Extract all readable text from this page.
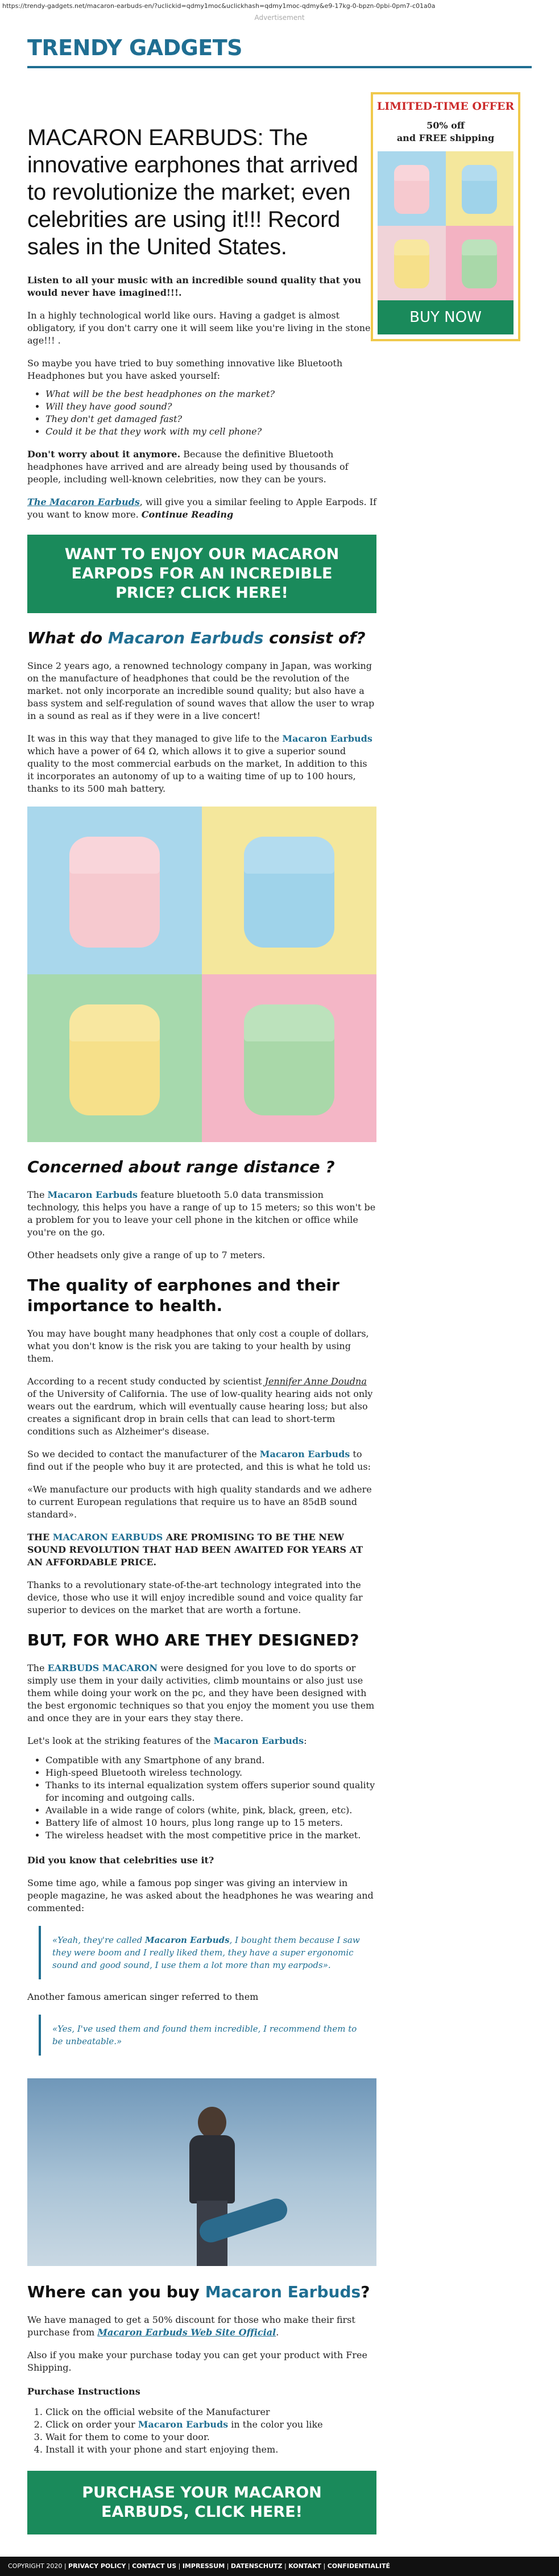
https://trendy-gadgets.net/macaron-earbuds-en/?uclickid=qdmy1moc&uclickhash=qdmy1moc-qdmy&e9-17kg-0-bpzn-0pbi-0pm7-c01a0a
Advertisement
TRENDY GADGETS
LIMITED-TIME OFFER
50% off
and FREE shipping
BUY NOW
MACARON EARBUDS: The innovative earphones that arrived to revolutionize the market; even celebrities are using it!!! Record sales in the United States.

Listen to all your music with an incredible sound quality that you would never have imagined!!!.

In a highly technological world like ours. Having a gadget is almost obligatory, if you don't carry one it will seem like you're living in the stone age!!! .

So maybe you have tried to buy something innovative like Bluetooth Headphones but you have asked yourself:

• What will be the best headphones on the market?
• Will they have good sound?
• They don't get damaged fast?
• Could it be that they work with my cell phone?

Don't worry about it anymore. Because the definitive Bluetooth headphones have arrived and are already being used by thousands of people, including well-known celebrities, now they can be yours.

The Macaron Earbuds, will give you a similar feeling to Apple Earpods. If you want to know more. Continue Reading

WANT TO ENJOY OUR MACARON EARPODS FOR AN INCREDIBLE PRICE? CLICK HERE!
What do Macaron Earbuds consist of?

Since 2 years ago, a renowned technology company in Japan, was working on the manufacture of headphones that could be the revolution of the market. not only incorporate an incredible sound quality; but also have a bass system and self-regulation of sound waves that allow the user to wrap in a sound as real as if they were in a live concert!

It was in this way that they managed to give life to the Macaron Earbuds which have a power of 64 Ω, which allows it to give a superior sound quality to the most commercial earbuds on the market, In addition to this it incorporates an autonomy of up to a waiting time of up to 100 hours, thanks to its 500 mah battery.

Concerned about range distance ?

The Macaron Earbuds feature bluetooth 5.0 data transmission technology, this helps you have a range of up to 15 meters; so this won't be a problem for you to leave your cell phone in the kitchen or office while you're on the go.

Other headsets only give a range of up to 7 meters.

The quality of earphones and their importance to health.

You may have bought many headphones that only cost a couple of dollars, what you don't know is the risk you are taking to your health by using them.

According to a recent study conducted by scientist Jennifer Anne Doudna of the University of California. The use of low-quality hearing aids not only wears out the eardrum, which will eventually cause hearing loss; but also creates a significant drop in brain cells that can lead to short-term conditions such as Alzheimer's disease.

So we decided to contact the manufacturer of the Macaron Earbuds to find out if the people who buy it are protected, and this is what he told us:

«We manufacture our products with high quality standards and we adhere to current European regulations that require us to have an 85dB sound standard».

THE MACARON EARBUDS ARE PROMISING TO BE THE NEW SOUND REVOLUTION THAT HAD BEEN AWAITED FOR YEARS AT AN AFFORDABLE PRICE.

Thanks to a revolutionary state-of-the-art technology integrated into the device, those who use it will enjoy incredible sound and voice quality far superior to devices on the market that are worth a fortune.

BUT, FOR WHO ARE THEY DESIGNED?

The EARBUDS MACARON were designed for you love to do sports or simply use them in your daily activities, climb mountains or also just use them while doing your work on the pc, and they have been designed with the best ergonomic techniques so that you enjoy the moment you use them and once they are in your ears they stay there.

Let's look at the striking features of the Macaron Earbuds:

• Compatible with any Smartphone of any brand.
• High-speed Bluetooth wireless technology.
• Thanks to its internal equalization system offers superior sound quality for incoming and outgoing calls.
• Available in a wide range of colors (white, pink, black, green, etc).
• Battery life of almost 10 hours, plus long range up to 15 meters.
• The wireless headset with the most competitive price in the market.

Did you know that celebrities use it?

Some time ago, while a famous pop singer was giving an interview in people magazine, he was asked about the headphones he was wearing and commented:

«Yeah, they're called Macaron Earbuds, I bought them because I saw they were boom and I really liked them, they have a super ergonomic sound and good sound, I use them a lot more than my earpods».

Another famous american singer referred to them

«Yes, I've used them and found them incredible, I recommend them to be unbeatable.»
Where can you buy Macaron Earbuds?

We have managed to get a 50% discount for those who make their first purchase from Macaron Earbuds Web Site Official.

Also if you make your purchase today you can get your product with Free Shipping.

Purchase Instructions

1. Click on the official website of the Manufacturer
2. Click on order your Macaron Earbuds in the color you like
3. Wait for them to come to your door.
4. Install it with your phone and start enjoying them.
PURCHASE YOUR MACARON EARBUDS, CLICK HERE!
COPYRIGHT 2020 | PRIVACY POLICY | CONTACT US | IMPRESSUM | DATENSCHUTZ | KONTAKT | CONFIDENTIALITÉ
